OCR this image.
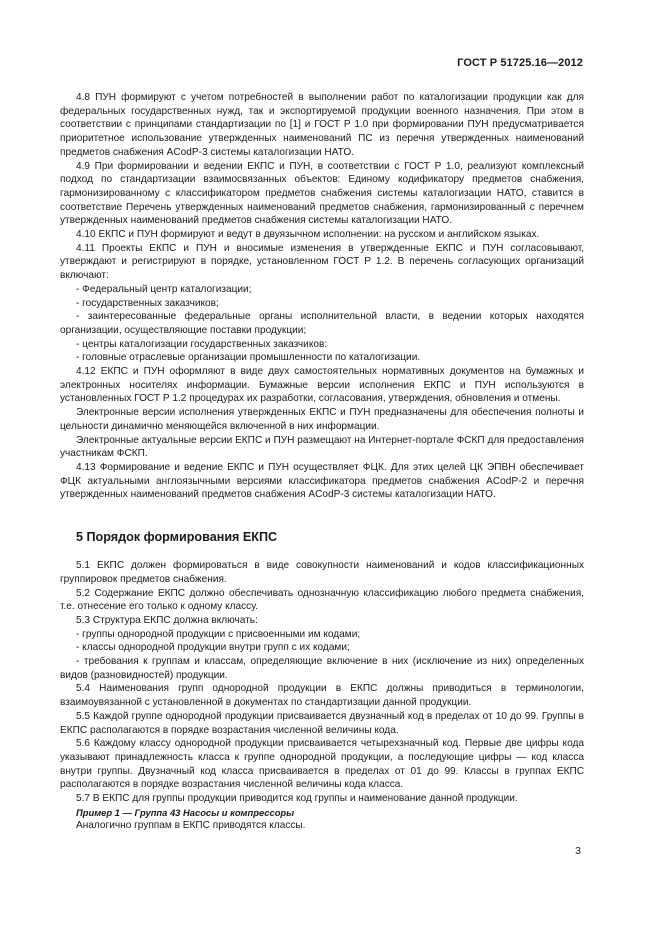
ГОСТ Р 51725.16—2012

4.8 ПУН формируют с учетом потребностей в выполнении работ по каталогизации продукции как для федеральных государственных нужд, так и экспортируемой продукции военного назначения. При этом в соответствии с принципами стандартизации по [1] и ГОСТ Р 1.0 при формировании ПУН предусматривается приоритетное использование утвержденных наименований ПС из перечня утвержденных наименований предметов снабжения ACodP-3 системы каталогизации НАТО.

4.9 При формировании и ведении ЕКПС и ПУН, в соответствии с ГОСТ Р 1.0, реализуют комплексный подход по стандартизации взаимосвязанных объектов: Единому кодификатору предметов снабжения, гармонизированному с классификатором предметов снабжения системы каталогизации НАТО, ставится в соответствие Перечень утвержденных наименований предметов снабжения, гармонизированный с перечнем утвержденных наименований предметов снабжения системы каталогизации НАТО.

4.10 ЕКПС и ПУН формируют и ведут в двуязычном исполнении: на русском и английском языках.

4.11 Проекты ЕКПС и ПУН и вносимые изменения в утвержденные ЕКПС и ПУН согласовывают, утверждают и регистрируют в порядке, установленном ГОСТ Р 1.2. В перечень согласующих организаций включают:

- Федеральный центр каталогизации;

- государственных заказчиков;

- заинтересованные федеральные органы исполнительной власти, в ведении которых находятся организации, осуществляющие поставки продукции;

- центры каталогизации государственных заказчиков:

- головные отраслевые организации промышленности по каталогизации.

4.12 ЕКПС и ПУН оформляют в виде двух самостоятельных нормативных документов на бумажных и электронных носителях информации. Бумажные версии исполнения ЕКПС и ПУН используются в установленных ГОСТ Р 1.2 процедурах их разработки, согласования, утверждения, обновления и отмены.

Электронные версии исполнения утвержденных ЕКПС и ПУН предназначены для обеспечения полноты и цельности динамично меняющейся включенной в них информации.

Электронные актуальные версии ЕКПС и ПУН размещают на Интернет-портале ФСКП для предоставления участникам ФСКП.

4.13 Формирование и ведение ЕКПС и ПУН осуществляет ФЦК. Для этих целей ЦК ЭПВН обеспечивает ФЦК актуальными англоязычными версиями классификатора предметов снабжения ACodP-2 и перечня утвержденных наименований предметов снабжения ACodP-3 системы каталогизации НАТО.

5 Порядок формирования ЕКПС

5.1 ЕКПС должен формироваться в виде совокупности наименований и кодов классификационных группировок предметов снабжения.

5.2 Содержание ЕКПС должно обеспечивать однозначную классификацию любого предмета снабжения, т.е. отнесение его только к одному классу.

5.3 Структура ЕКПС должна включать:

- группы однородной продукции с присвоенными им кодами;

- классы однородной продукции внутри групп с их кодами;

- требования к группам и классам, определяющие включение в них (исключение из них) определенных видов (разновидностей) продукции.

5.4 Наименования групп однородной продукции в ЕКПС должны приводиться в терминологии, взаимоувязанной с установленной в документах по стандартизации данной продукции.

5.5 Каждой группе однородной продукции присваивается двузначный код в пределах от 10 до 99. Группы в ЕКПС располагаются в порядке возрастания численной величины кода.

5.6 Каждому классу однородной продукции присваивается четырехзначный код. Первые две цифры кода указывают принадлежность класса к группе однородной продукции, а последующие цифры — код класса внутри группы. Двузначный код класса присваивается в пределах от 01 до 99. Классы в группах ЕКПС располагаются в порядке возрастания численной величины кода класса.

5.7 В ЕКПС для группы продукции приводится код группы и наименование данной продукции.

Пример 1 — Группа 43 Насосы и компрессоры

Аналогично группам в ЕКПС приводятся классы.

3
